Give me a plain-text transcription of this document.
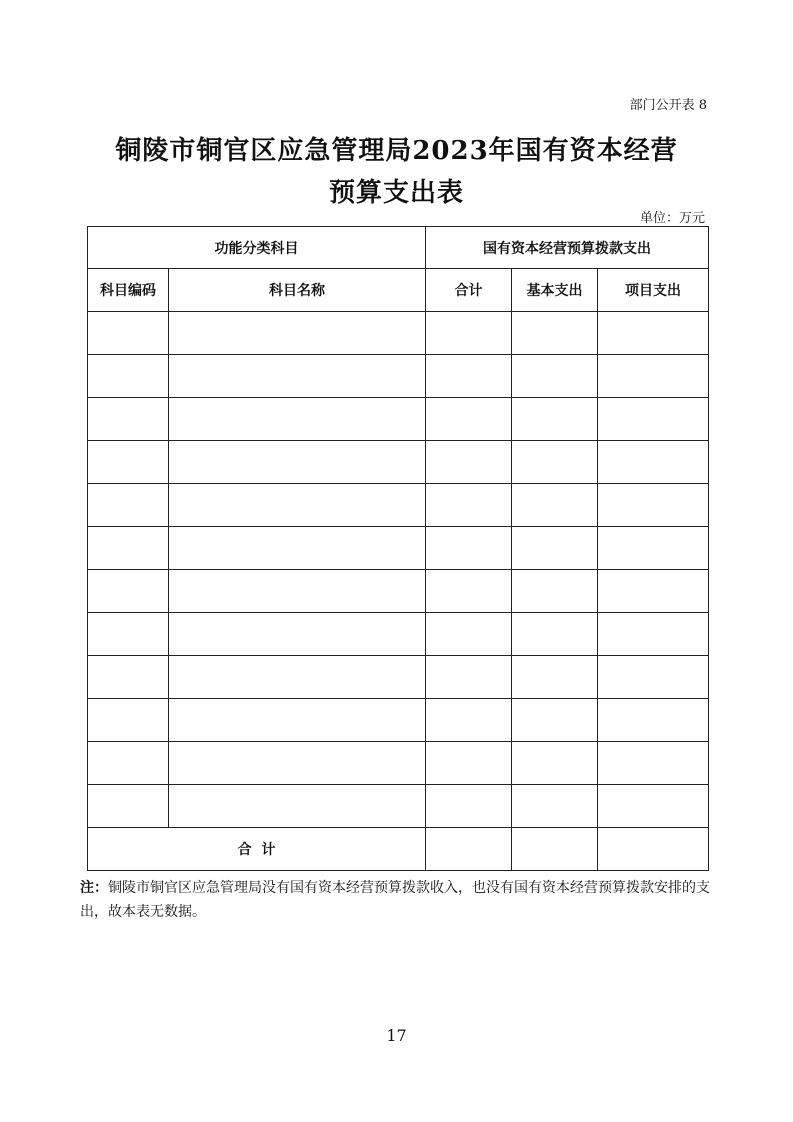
部门公开表 8
铜陵市铜官区应急管理局2023年国有资本经营
预算支出表
单位：万元
功能分类科目		国有资本经营预算拨款支出		
科目编码	科目名称	合计	基本支出	项目支出

合  计				
注：铜陵市铜官区应急管理局没有国有资本经营预算拨款收入，也没有国有资本经营预算拨款安排的支出，故本表无数据。
17
